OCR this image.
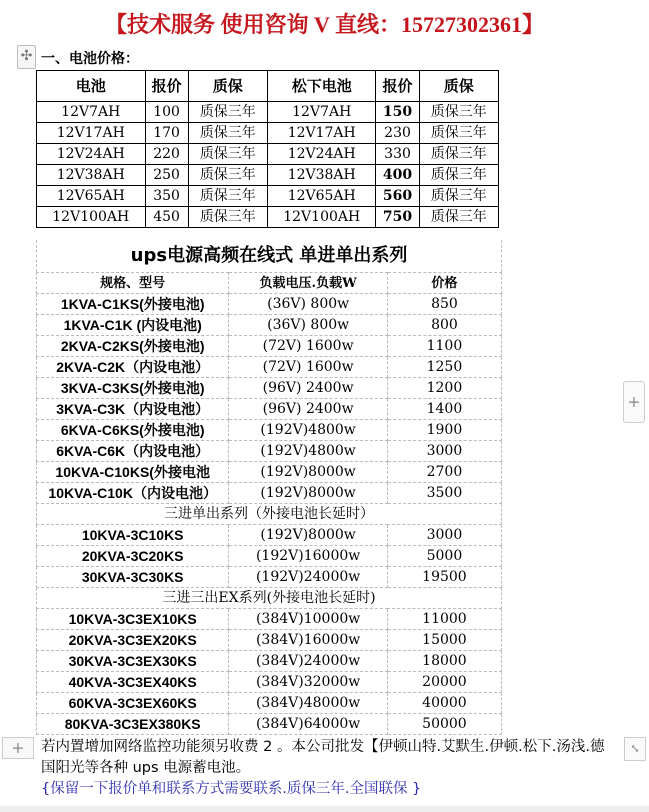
【技术服务 使用咨询 V 直线：15727302361】
✣ 一、电池价格：
电池	报价	质保	松下电池	报价	质保
12V7AH	100	质保三年	12V7AH	150	质保三年
12V17AH	170	质保三年	12V17AH	230	质保三年
12V24AH	220	质保三年	12V24AH	330	质保三年
12V38AH	250	质保三年	12V38AH	400	质保三年
12V65AH	350	质保三年	12V65AH	560	质保三年
12V100AH	450	质保三年	12V100AH	750	质保三年
ups电源高频在线式 单进单出系列
规格、型号	负载电压.负载W	价格
1KVA-C1KS(外接电池)	(36V) 800w	850
1KVA-C1K (内设电池)	(36V) 800w	800
2KVA-C2KS(外接电池)	(72V) 1600w	1100
2KVA-C2K（内设电池）	(72V) 1600w	1250
3KVA-C3KS(外接电池)	(96V) 2400w	1200
3KVA-C3K（内设电池）	(96V) 2400w	1400
6KVA-C6KS(外接电池)	(192V)4800w	1900
6KVA-C6K（内设电池）	(192V)4800w	3000
10KVA-C10KS(外接电池	(192V)8000w	2700
10KVA-C10K（内设电池）	(192V)8000w	3500
三进单出系列（外接电池长延时）		
10KVA-3C10KS	(192V)8000w	3000
20KVA-3C20KS	(192V)16000w	5000
30KVA-3C30KS	(192V)24000w	19500
三进三出EX系列(外接电池长延时)		
10KVA-3C3EX10KS	(384V)10000w	11000
20KVA-3C3EX20KS	(384V)16000w	15000
30KVA-3C3EX30KS	(384V)24000w	18000
40KVA-3C3EX40KS	(384V)32000w	20000
60KVA-3C3EX60KS	(384V)48000w	40000
80KVA-3C3EX380KS	(384V)64000w	50000
若内置增加网络监控功能须另收费 2 。本公司批发【伊顿山特.艾默生.伊顿.松下.汤浅.德国阳光等各种 ups 电源蓄电池。
{保留一下报价单和联系方式需要联系.质保三年.全国联保 }
+	⤡
+
